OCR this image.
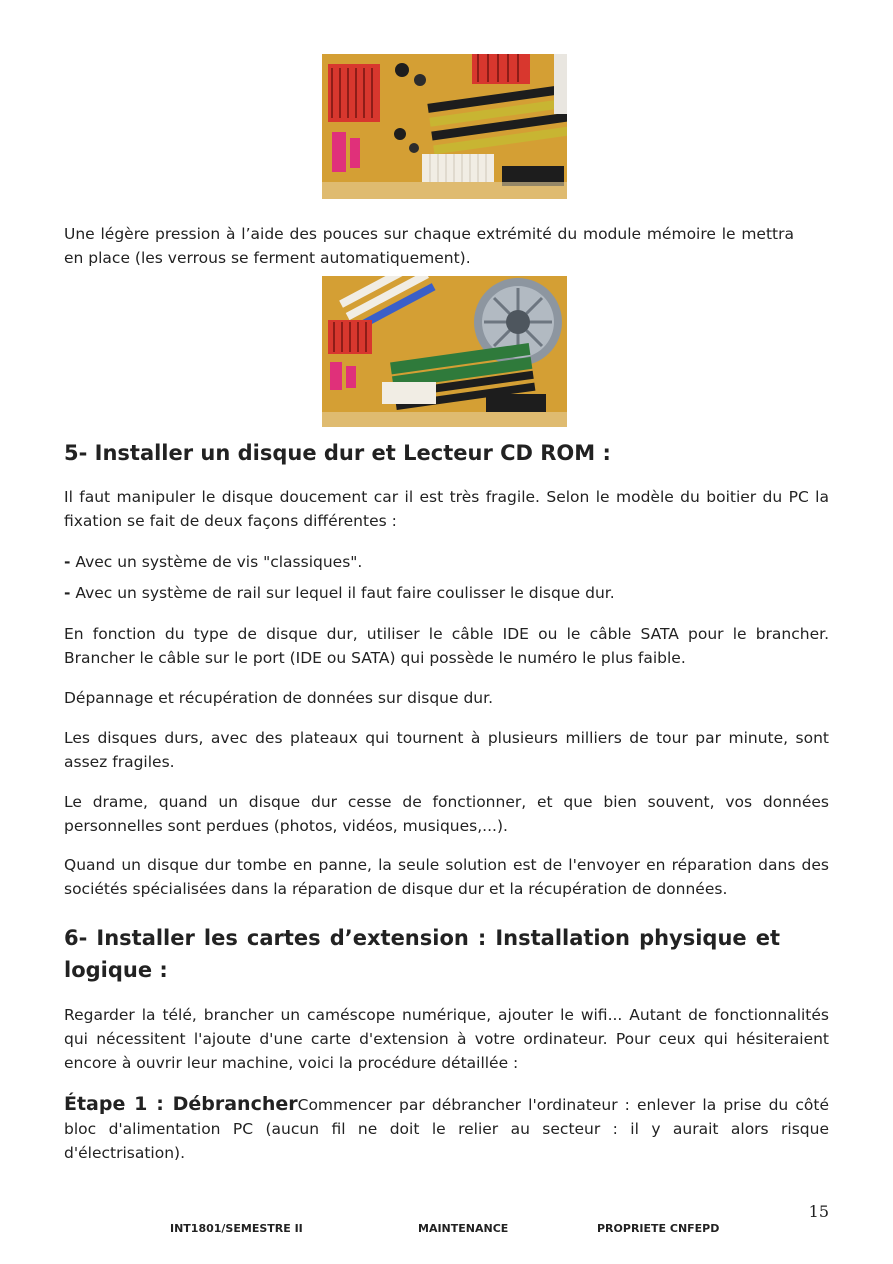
Une légère pression à l’aide des pouces sur chaque extrémité du module mémoire le mettra en place (les verrous se ferment automatiquement).

5- Installer un disque dur et Lecteur CD ROM :

Il faut manipuler le disque doucement car il est très fragile. Selon le modèle du boitier du PC la fixation se fait de deux façons différentes :

- Avec un système de vis "classiques".

- Avec un système de rail sur lequel il faut faire coulisser le disque dur.

En fonction du type de disque dur, utiliser le câble IDE ou le câble SATA pour le brancher. Brancher le câble sur le port (IDE ou SATA) qui possède le numéro le plus faible.

Dépannage et récupération de données sur disque dur.

Les disques durs, avec des plateaux qui tournent à plusieurs milliers de tour par minute, sont assez fragiles.

Le drame, quand un disque dur cesse de fonctionner, et que bien souvent, vos données personnelles sont perdues (photos, vidéos, musiques,...).

Quand un disque dur tombe en panne, la seule solution est de l'envoyer en réparation dans des sociétés spécialisées dans la réparation de disque dur et la récupération de données.

6- Installer les cartes d’extension : Installation physique et logique :

Regarder la télé, brancher un caméscope numérique, ajouter le wifi... Autant de fonctionnalités qui nécessitent l'ajoute d'une carte d'extension à votre ordinateur. Pour ceux qui hésiteraient encore à ouvrir leur machine, voici la procédure détaillée :

Étape 1 : DébrancherCommencer par débrancher l'ordinateur : enlever la prise du côté bloc d'alimentation PC (aucun fil ne doit le relier au secteur : il y aurait alors risque d'électrisation).

15
INT1801/SEMESTRE II	MAINTENANCE	PROPRIETE CNFEPD
